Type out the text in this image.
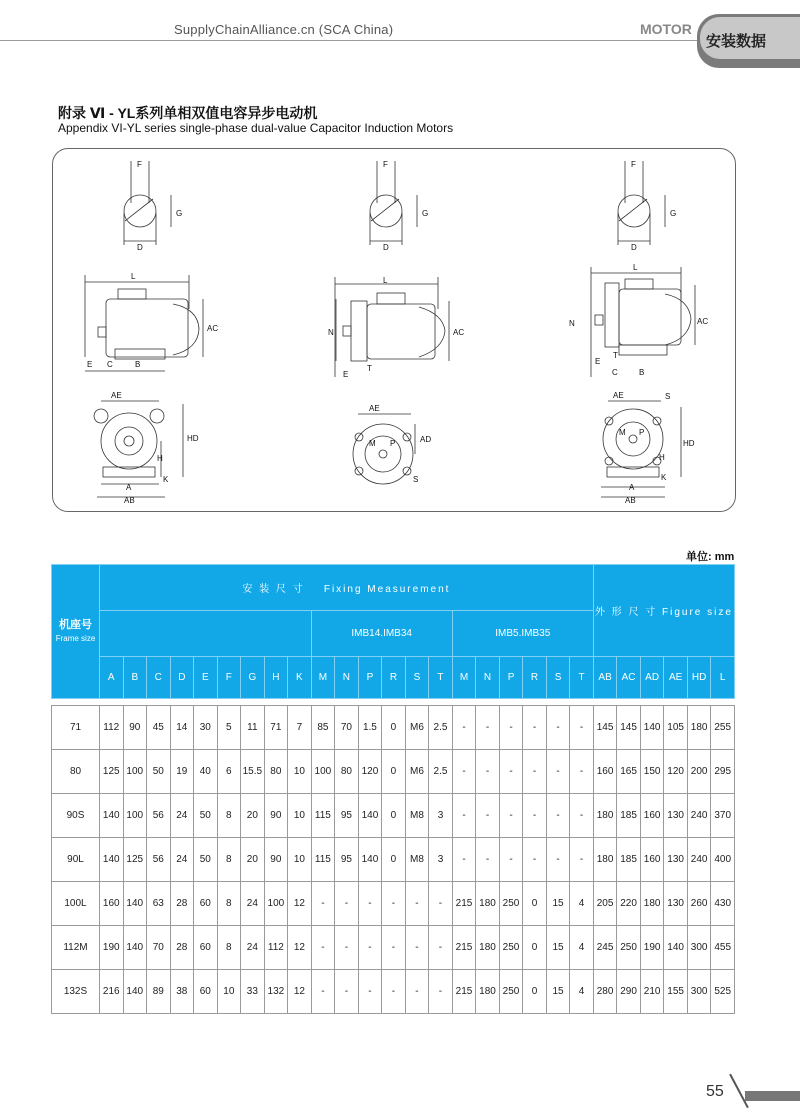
SupplyChainAlliance.cn (SCA China)	MOTOR
安装数据
附录 Ⅵ - YL系列单相双值电容异步电动机
Appendix VI-YL series single-phase dual-value Capacitor Induction Motors
F
G
D
F
G
D
F
G
D
L
AC
E C	B
L
N	AC
E
T
L
N	AC
E
T
C	B
AE
HD
H
K
A
AB
AE
AD
M P
S
AE	S
HD
M P
H
K
A
AB
单位: mm
机座号
Frame size	安 装 尺 寸 Fixing Measurement																					外 形 尺 寸 Figure size					
										IMB14.IMB34						IMB5.IMB35											
	A	B	C	D	E	F	G	H	K	M	N	P	R	S	T	M	N	P	R	S	T	AB	AC	AD	AE	HD	L

71	112	90	45	14	30	5	11	71	7	85	70	1.5	0	M6	2.5	-	-	-	-	-	-	145	145	140	105	180	255
80	125	100	50	19	40	6	15.5	80	10	100	80	120	0	M6	2.5	-	-	-	-	-	-	160	165	150	120	200	295
90S	140	100	56	24	50	8	20	90	10	115	95	140	0	M8	3	-	-	-	-	-	-	180	185	160	130	240	370
90L	140	125	56	24	50	8	20	90	10	115	95	140	0	M8	3	-	-	-	-	-	-	180	185	160	130	240	400
100L	160	140	63	28	60	8	24	100	12	-	-	-	-	-	-	215	180	250	0	15	4	205	220	180	130	260	430
112M	190	140	70	28	60	8	24	112	12	-	-	-	-	-	-	215	180	250	0	15	4	245	250	190	140	300	455
132S	216	140	89	38	60	10	33	132	12	-	-	-	-	-	-	215	180	250	0	15	4	280	290	210	155	300	525
55
